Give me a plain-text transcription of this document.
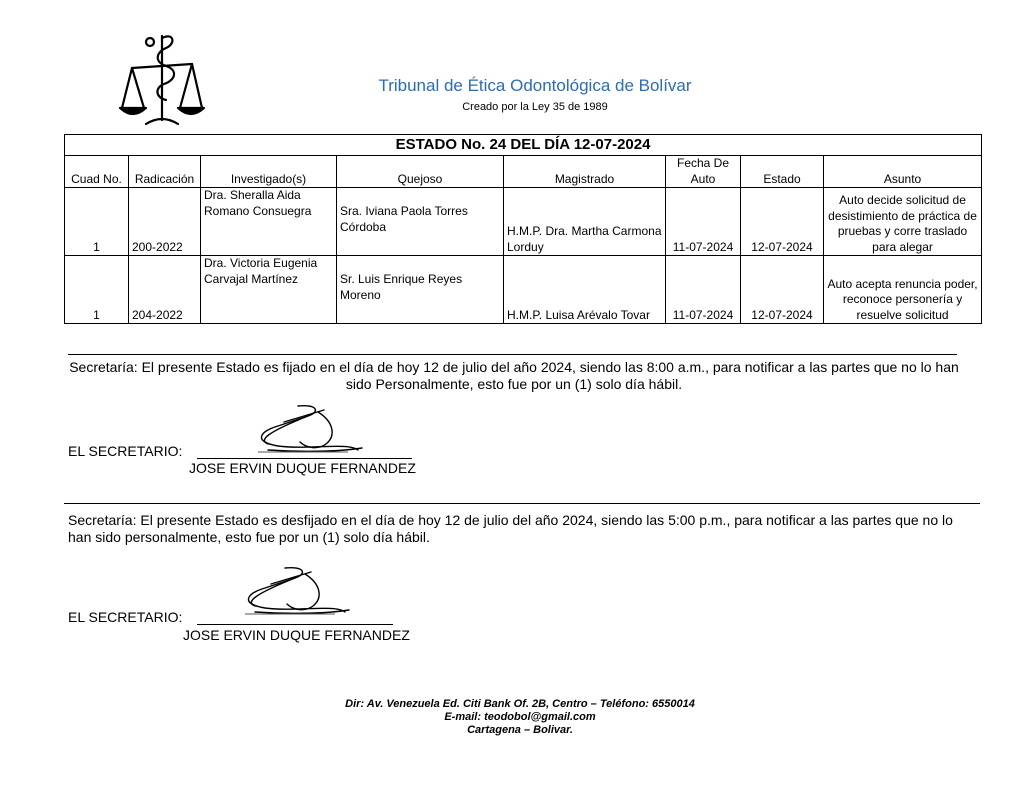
Tribunal de Ética Odontológica de Bolívar
Creado por la Ley 35 de 1989
ESTADO No. 24 DEL DÍA 12-07-2024							
Cuad No.	Radicación	Investigado(s)	Quejoso	Magistrado	Fecha De Auto	Estado	Asunto
1	200-2022	Dra. Sheralla Aida Romano Consuegra	Sra. Iviana Paola Torres Córdoba	H.M.P. Dra. Martha Carmona Lorduy	11-07-2024	12-07-2024	Auto decide solicitud de desistimiento de práctica de pruebas y corre traslado para alegar
1	204-2022	Dra. Victoria Eugenia Carvajal Martínez	Sr. Luis Enrique Reyes Moreno	H.M.P. Luisa Arévalo Tovar	11-07-2024	12-07-2024	Auto acepta renuncia poder, reconoce personería y resuelve solicitud
Secretaría: El presente Estado es fijado en el día de hoy 12 de julio del año 2024, siendo las 8:00 a.m., para notificar a las partes que no lo han sido Personalmente, esto fue por un (1) solo día hábil.
EL SECRETARIO:
JOSE ERVIN DUQUE FERNANDEZ
Secretaría: El presente Estado es desfijado en el día de hoy 12 de julio del año 2024, siendo las 5:00 p.m., para notificar a las partes que no lo han sido personalmente, esto fue por un (1) solo día hábil.
EL SECRETARIO:
JOSE ERVIN DUQUE FERNANDEZ
Dir: Av. Venezuela Ed. Citi Bank Of. 2B, Centro – Teléfono: 6550014
E-mail: teodobol@gmail.com
Cartagena – Bolivar.
